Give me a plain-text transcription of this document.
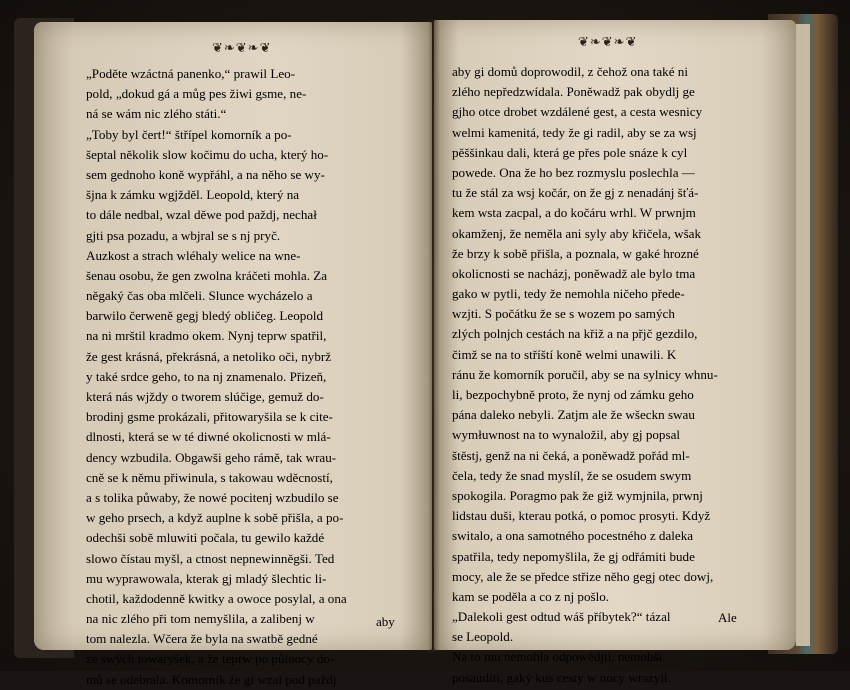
❦❧❦❧❦	❦❧❦❧❦
„Poděte wzáctná panenko,“ prawil Leo-
pold, „dokud gá a můg pes žiwi gsme, ne-
ná se wám nic zlého státi.“
„Toby byl čert!“ štřípel komorník a po-
šeptal několik slow kočimu do ucha, který ho-
sem gednoho koně wypřáhl, a na něho se wy-
šjna k zámku wgjžděl. Leopold, který na
to dále nedbal, wzal děwe pod paždj, nechał
gjti psa pozadu, a wbjral se s nj pryč.
Auzkost a strach wléhaly welice na wne-
šenau osobu, že gen zwolna kráčeti mohla. Za
něgaký čas oba mlčeli. Slunce wycházelo a
barwilo čerweně gegj bledý obličeg. Leopold
na ni mrštil kradmo okem. Nynj teprw spatřil,
že gest krásná, překrásná, a netoliko oči, nybrž
y také srdce geho, to na nj znamenalo. Přizeň,
která nás wjždy o tworem slúčige, gemuž do-
brodinj gsme prokázali, přitowaryšila se k cite-
dlnosti, která se w té diwné okolicnosti w mlá-
dency wzbudila. Obgawši geho rámě, tak wrau-
cně se k němu přiwinula, s takowau wděcností,
a s tolika půwaby, že nowé pocitenj wzbudilo se
w geho prsech, a když auplne k sobě přišla, a po-
odechši sobě mluwiti počala, tu gewilo každé
slowo čístau myšl, a ctnost nepnewinněgši. Ted
mu wyprawowala, kterak gj mladý šlechtic li-
chotil, každodenně kwitky a owoce posylal, a ona
na nic zlého při tom nemyšlila, a zalibenj w
tom nalezla. Wčera že byla na swatbě gedné
ze swých towaryšek, a že teprw po půlnocy do-
mů se odebrala. Komorník že gi wzal pod paždj
aby gi domů doprowodil, z čehož ona také ni
zlého nepředzwídala. Poněwadž pak obydlj ge
gjho otce drobet wzdálené gest, a cesta wesnicy
welmi kamenitá, tedy že gi radil, aby se za wsj
pěššinkau dali, která ge přes pole snáze k cyl
powede. Ona že ho bez rozmyslu poslechla —
tu že stál za wsj kočár, on že gj z nenadánj šťá-
kem wsta zacpal, a do kočáru wrhl. W prwnjm
okamženj, že neměla ani syly aby křičela, wšak
že brzy k sobě přišla, a poznala, w gaké hrozné
okolicnosti se nacházj, poněwadž ale bylo tma
gako w pytli, tedy že nemohla ničeho přede-
wzjti. S počátku že se s wozem po samých
zlých polnjch cestách na křiž a na přjč gezdilo,
čimž se na to stříští koně welmi unawili. K
ránu že komorník poručil, aby se na sylnicy whnu-
li, bezpochybně proto, že nynj od zámku geho
pána daleko nebyli. Zatjm ale že wšeckn swau
wymłuwnost na to wynaložil, aby gj popsal
štěstj, genž na ni čeká, a poněwadž pořád ml-
čela, tedy že snad myslíl, že se osudem swym
spokogila. Poragmo pak že giž wymjnila, prwnj
lidstau duši, kterau potká, o pomoc prosyti. Když
switalo, a ona samotného pocestného z daleka
spatřila, tedy nepomyšlila, že gj odřámiti bude
mocy, ale že se předce střize něho gegj otec dowj,
kam se poděla a co z nj pošlo.
„Dalekoli gest odtud wáš příbytek?“ tázal
se Leopold.
Na to mu nemohla odpowědjti, nemohši
posauditi, gaký kus cesty w nocy wrazyli.
aby	Ale
